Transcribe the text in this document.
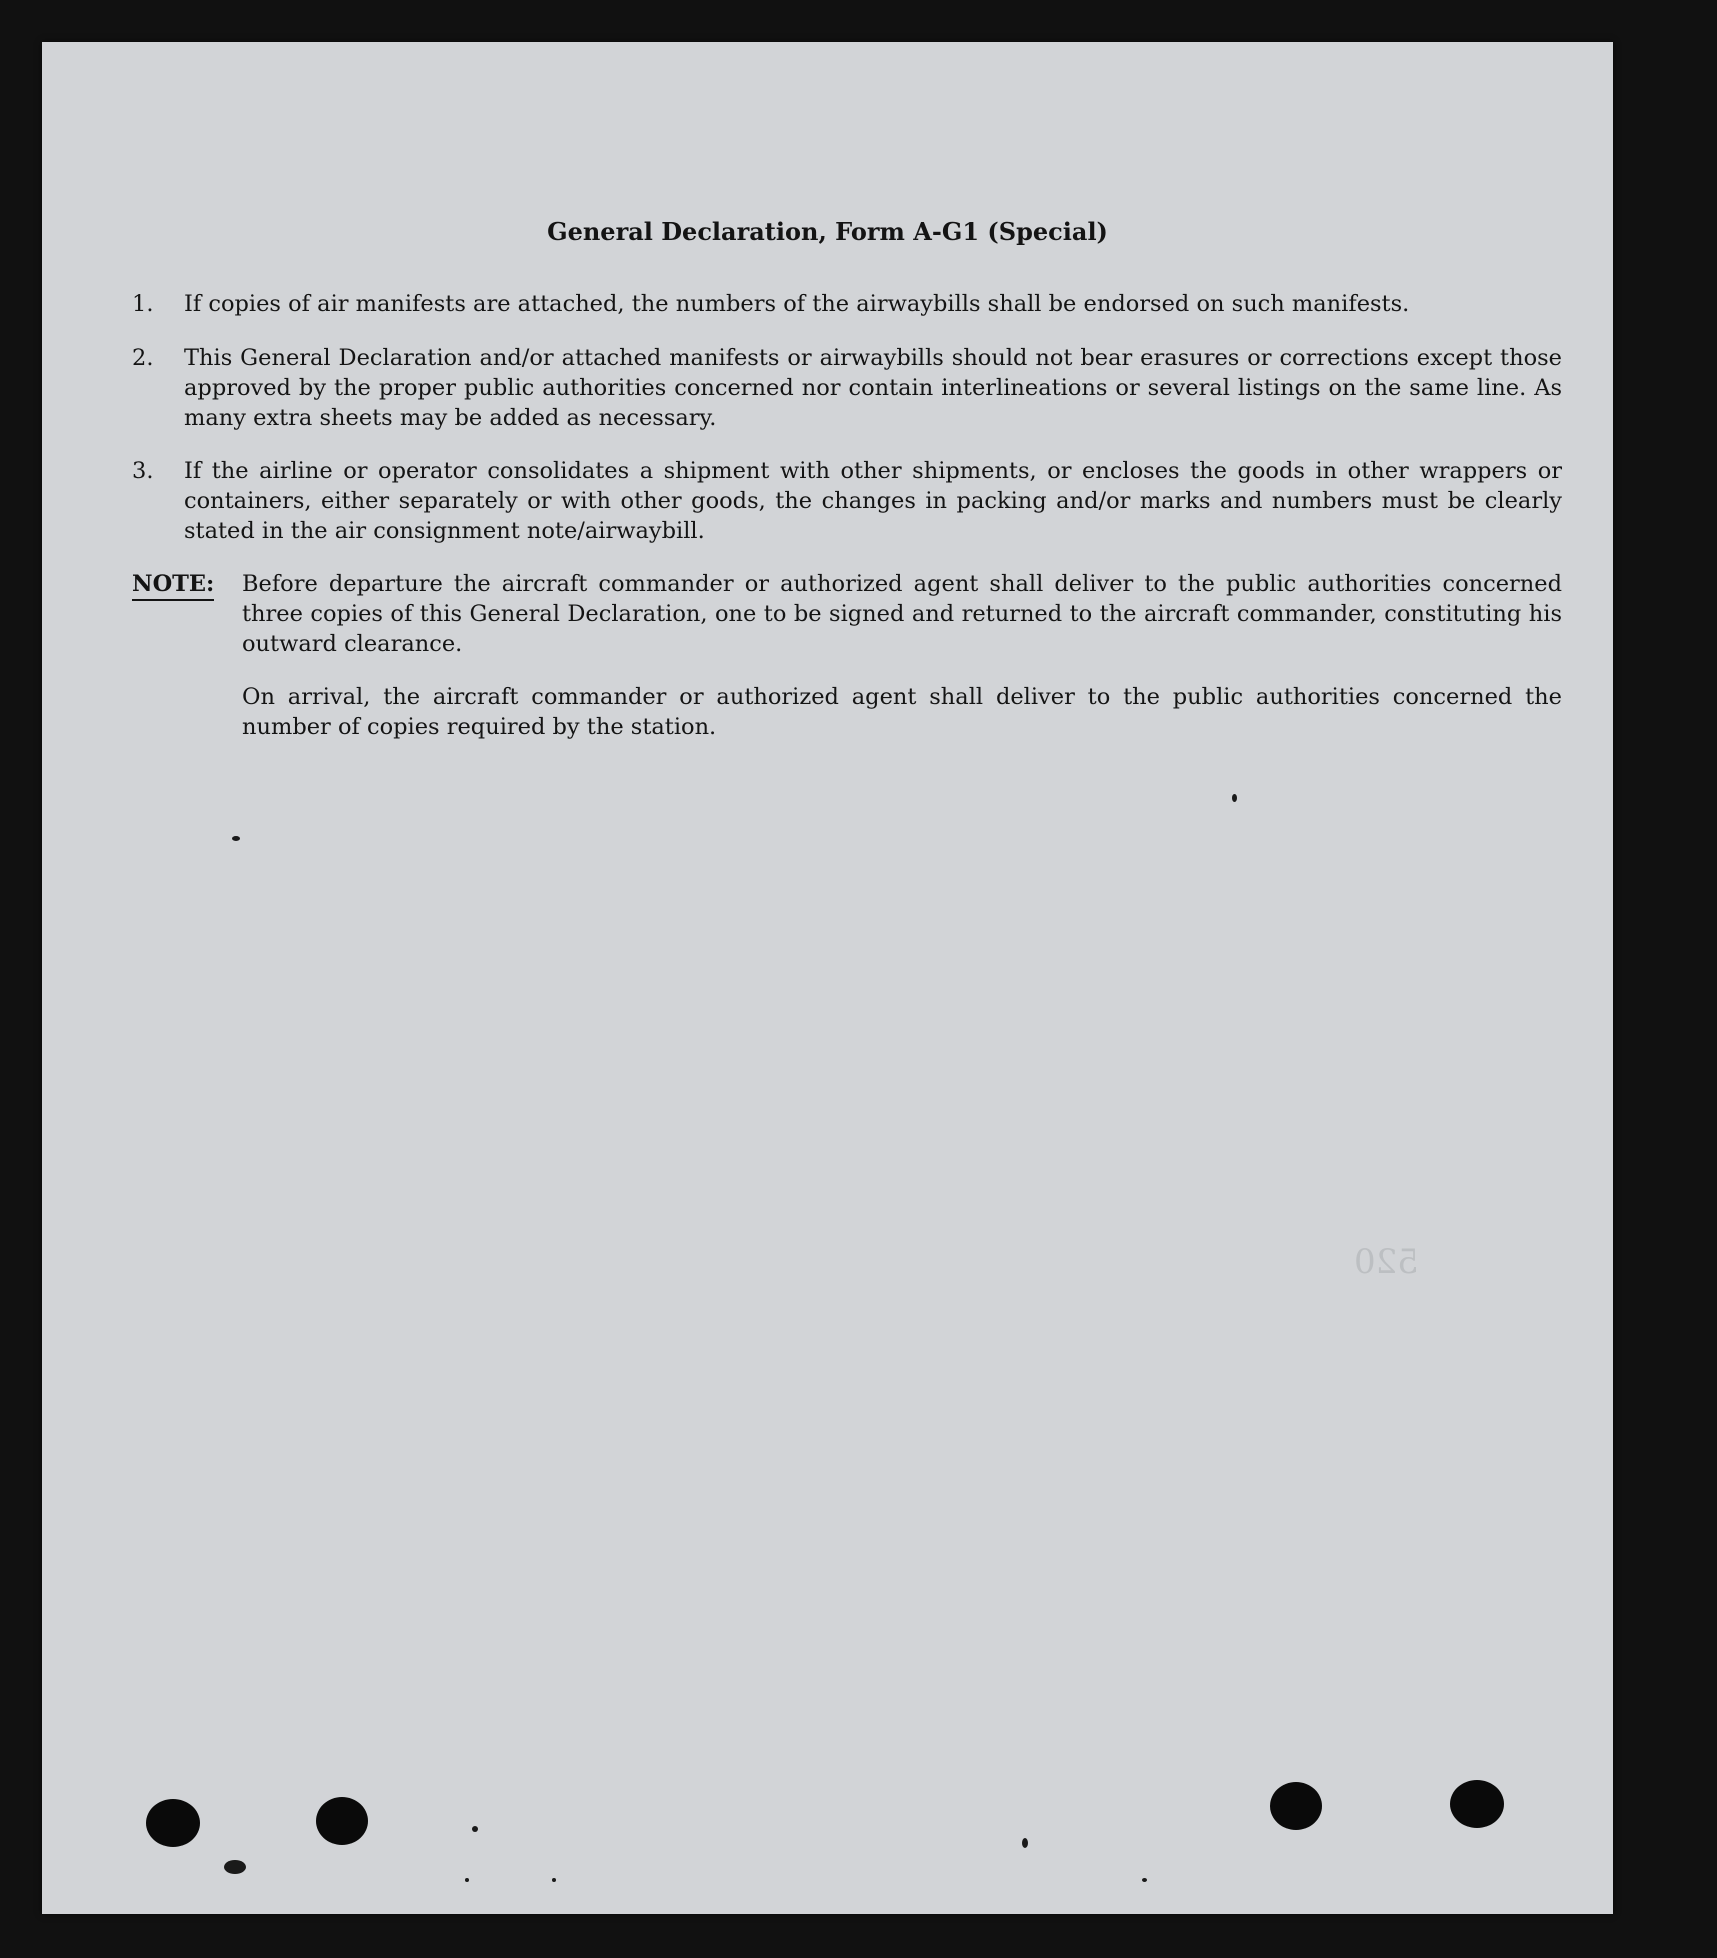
520
General Declaration, Form A-G1 (Special)
1.	If copies of air manifests are attached, the numbers of the airwaybills shall be endorsed on such manifests.
2.	This General Declaration and/or attached manifests or airwaybills should not bear erasures or corrections except those approved by the proper public authorities concerned nor contain interlineations or several listings on the same line. As many extra sheets may be added as necessary.
3.	If the airline or operator consolidates a shipment with other shipments, or encloses the goods in other wrappers or containers, either separately or with other goods, the changes in packing and/or marks and numbers must be clearly stated in the air consignment note/airwaybill.
NOTE: Before departure the aircraft commander or authorized agent shall deliver to the public authorities concerned three copies of this General Declaration, one to be signed and returned to the aircraft commander, constituting his outward clearance.
On arrival, the aircraft commander or authorized agent shall deliver to the public authorities concerned the number of copies required by the station.
